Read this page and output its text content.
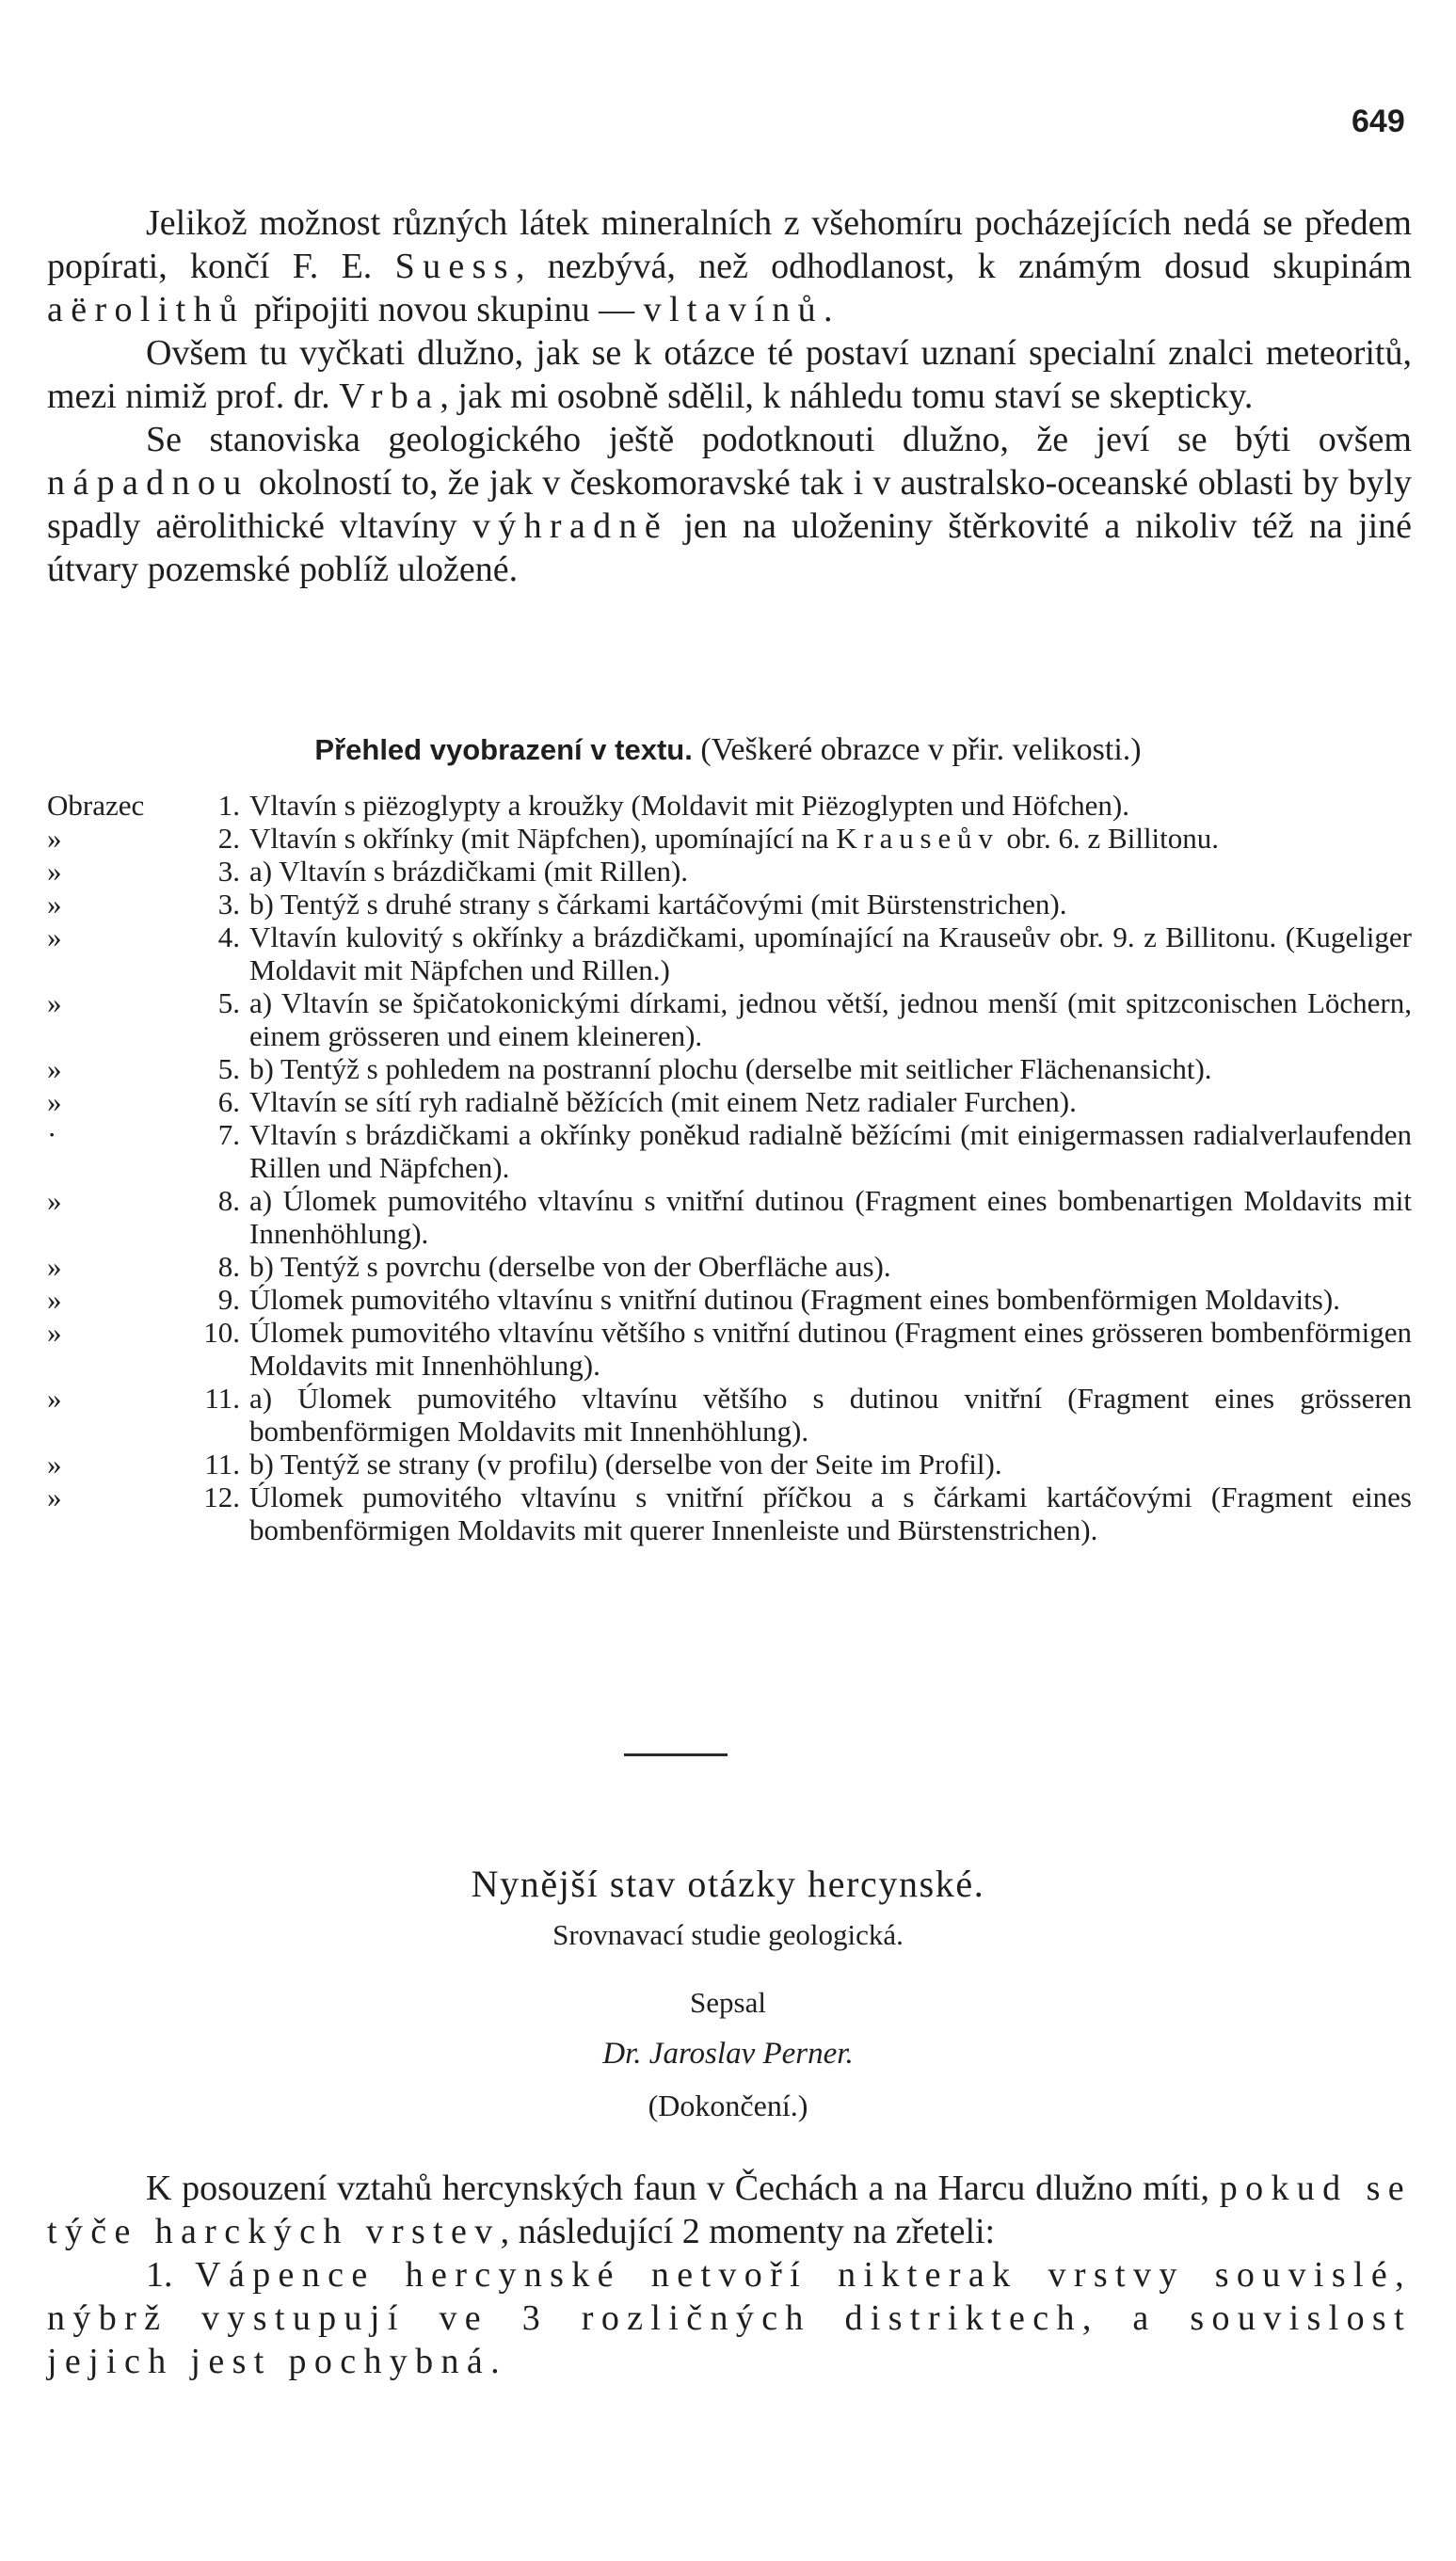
649

Jelikož možnost různých látek mineralních z všehomíru pocházejících nedá se předem popírati, končí F. E. Suess, nezbývá, než odhodlanost, k známým dosud skupinám aërolithů připojiti novou skupinu — vltavínů.

Ovšem tu vyčkati dlužno, jak se k otázce té postaví uznaní specialní znalci meteoritů, mezi nimiž prof. dr. Vrba, jak mi osobně sdělil, k náhledu tomu staví se skepticky.

Se stanoviska geologického ještě podotknouti dlužno, že jeví se býti ovšem nápadnou okolností to, že jak v českomoravské tak i v australsko-oceanské oblasti by byly spadly aërolithické vltavíny výhradně jen na uloženiny štěrkovité a nikoliv též na jiné útvary pozemské poblíž uložené.

Přehled vyobrazení v textu. (Veškeré obrazce v přir. velikosti.)
Obrazec	1. Vltavín s piëzoglypty a kroužky (Moldavit mit Piëzoglypten und Höfchen).
»	2. Vltavín s okřínky (mit Näpfchen), upomínající na Krauseův obr. 6. z Billitonu.
»	3. a) Vltavín s brázdičkami (mit Rillen).
»	3. b) Tentýž s druhé strany s čárkami kartáčovými (mit Bürstenstrichen).
»	4. Vltavín kulovitý s okřínky a brázdičkami, upomínající na Krauseův obr. 9. z Billitonu. (Kugeliger Moldavit mit Näpfchen und Rillen.)
»	5. a) Vltavín se špičatokonickými dírkami, jednou větší, jednou menší (mit spitzconischen Löchern, einem grösseren und einem kleineren).
»	5. b) Tentýž s pohledem na postranní plochu (derselbe mit seitlicher Flächenansicht).
»	6. Vltavín se sítí ryh radialně běžících (mit einem Netz radialer Furchen).
·	7. Vltavín s brázdičkami a okřínky poněkud radialně běžícími (mit einigermassen radialverlaufenden Rillen und Näpfchen).
»	8. a) Úlomek pumovitého vltavínu s vnitřní dutinou (Fragment eines bombenartigen Moldavits mit Innenhöhlung).
»	8. b) Tentýž s povrchu (derselbe von der Oberfläche aus).
»	9. Úlomek pumovitého vltavínu s vnitřní dutinou (Fragment eines bombenförmigen Moldavits).
»	10. Úlomek pumovitého vltavínu většího s vnitřní dutinou (Fragment eines grösseren bombenförmigen Moldavits mit Innenhöhlung).
»	11. a) Úlomek pumovitého vltavínu většího s dutinou vnitřní (Fragment eines grösseren bombenförmigen Moldavits mit Innenhöhlung).
»	11. b) Tentýž se strany (v profilu) (derselbe von der Seite im Profil).
»	12. Úlomek pumovitého vltavínu s vnitřní příčkou a s čárkami kartáčovými (Fragment eines bombenförmigen Moldavits mit querer Innenleiste und Bürstenstrichen).
Nynější stav otázky hercynské.
Srovnavací studie geologická.
Sepsal
Dr. Jaroslav Perner.
(Dokončení.)

K posouzení vztahů hercynských faun v Čechách a na Harcu dlužno míti, pokud se týče harckých vrstev, následující 2 momenty na zřeteli:

1. Vápence hercynské netvoří nikterak vrstvy souvislé, nýbrž vystupují ve 3 rozličných distriktech, a souvislost jejich jest pochybná.
